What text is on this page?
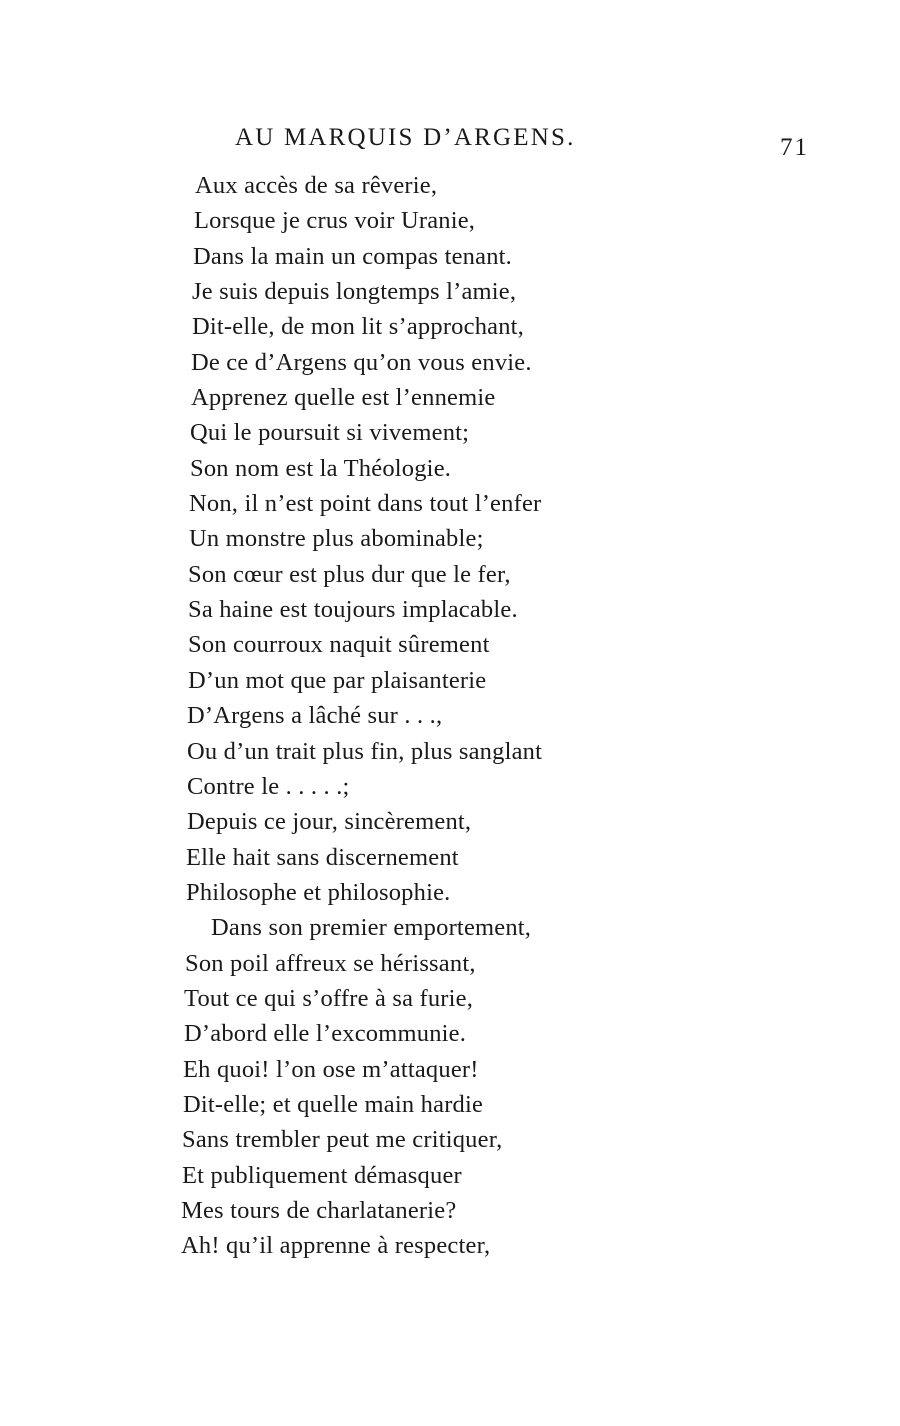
AU MARQUIS D’ARGENS.	71
Aux accès de sa rêverie,
Lorsque je crus voir Uranie,
Dans la main un compas tenant.
Je suis depuis longtemps l’amie,
Dit-elle, de mon lit s’approchant,
De ce d’Argens qu’on vous envie.
Apprenez quelle est l’ennemie
Qui le poursuit si vivement;
Son nom est la Théologie.
Non, il n’est point dans tout l’enfer
Un monstre plus abominable;
Son cœur est plus dur que le fer,
Sa haine est toujours implacable.
Son courroux naquit sûrement
D’un mot que par plaisanterie
D’Argens a lâché sur . . .,
Ou d’un trait plus fin, plus sanglant
Contre le . . . . .;
Depuis ce jour, sincèrement,
Elle hait sans discernement
Philosophe et philosophie.
Dans son premier emportement,
Son poil affreux se hérissant,
Tout ce qui s’offre à sa furie,
D’abord elle l’excommunie.
Eh quoi! l’on ose m’attaquer!
Dit-elle; et quelle main hardie
Sans trembler peut me critiquer,
Et publiquement démasquer
Mes tours de charlatanerie?
Ah! qu’il apprenne à respecter,
